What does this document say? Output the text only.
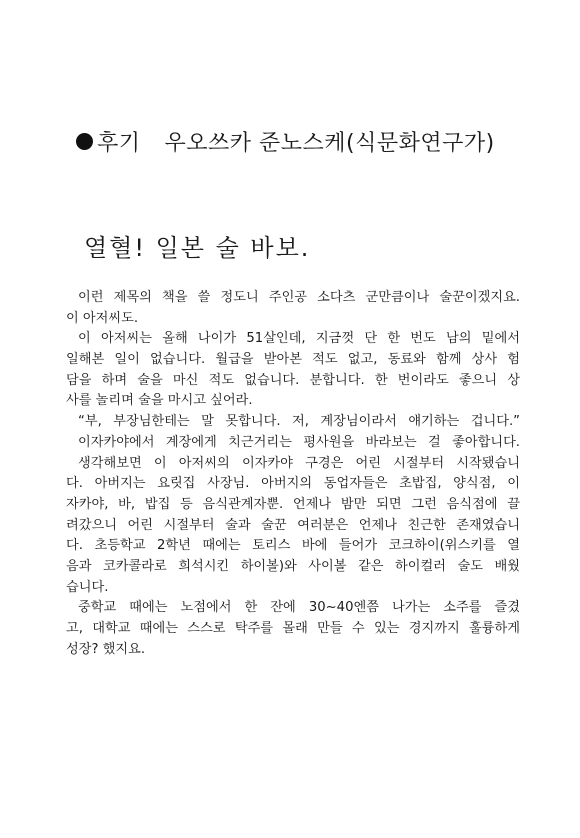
후기 우오쓰카 준노스케(식문화연구가)
열혈! 일본 술 바보.
이런 제목의 책을 쓸 정도니 주인공 소다츠 군만큼이나 술꾼이겠지요.
이 아저씨도.
이 아저씨는 올해 나이가 51살인데, 지금껏 단 한 번도 남의 밑에서
일해본 일이 없습니다. 월급을 받아본 적도 없고, 동료와 함께 상사 험
담을 하며 술을 마신 적도 없습니다. 분합니다. 한 번이라도 좋으니 상
사를 놀리며 술을 마시고 싶어라.
“부, 부장님한테는 말 못합니다. 저, 계장님이라서 얘기하는 겁니다.”
이자카야에서 계장에게 치근거리는 평사원을 바라보는 걸 좋아합니다.
생각해보면 이 아저씨의 이자카야 구경은 어린 시절부터 시작됐습니
다. 아버지는 요릿집 사장님. 아버지의 동업자들은 초밥집, 양식점, 이
자카야, 바, 밥집 등 음식관계자뿐. 언제나 밤만 되면 그런 음식점에 끌
려갔으니 어린 시절부터 술과 술꾼 여러분은 언제나 친근한 존재였습니
다. 초등학교 2학년 때에는 토리스 바에 들어가 코크하이(위스키를 열
음과 코카콜라로 희석시킨 하이볼)와 사이볼 같은 하이컬러 술도 배웠
습니다.
중학교 때에는 노점에서 한 잔에 30~40엔쯤 나가는 소주를 즐겼
고, 대학교 때에는 스스로 탁주를 몰래 만들 수 있는 경지까지 훌륭하게
성장? 했지요.
